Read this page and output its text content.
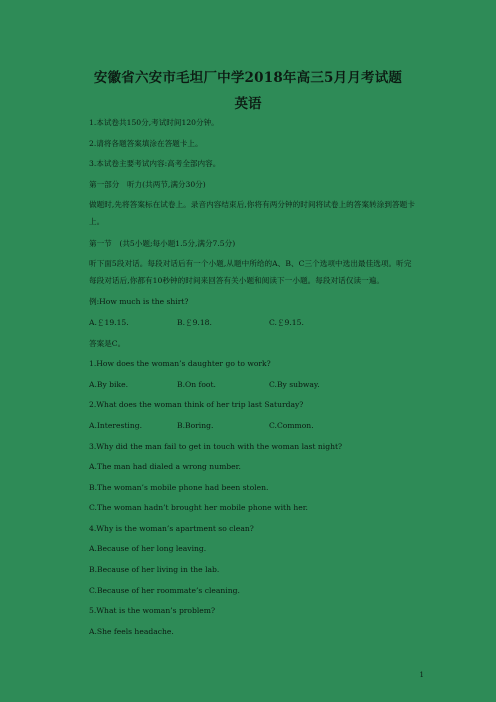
安徽省六安市毛坦厂中学2018年高三5月月考试题
英语
1.本试卷共150分,考试时间120分钟。
2.请将各题答案填涂在答题卡上。
3.本试卷主要考试内容:高考全部内容。
第一部分　听力(共两节,满分30分)
做题时,先将答案标在试卷上。录音内容结束后,你将有两分钟的时间将试卷上的答案转涂到答题卡上。
第一节　(共5小题;每小题1.5分,满分7.5分)
听下面5段对话。每段对话后有一个小题,从题中所给的A、B、C三个选项中选出最佳选项。听完每段对话后,你都有10秒钟的时间来回答有关小题和阅读下一小题。每段对话仅读一遍。
例:How much is the shirt?
A.￡19.15.	B.￡9.18.	C.￡9.15.
答案是C。
1.How does the woman’s daughter go to work?
A.By bike.	B.On foot.	C.By subway.
2.What does the woman think of her trip last Saturday?
A.Interesting.	B.Boring.	C.Common.
3.Why did the man fail to get in touch with the woman last night?
A.The man had dialed a wrong number.
B.The woman’s mobile phone had been stolen.
C.The woman hadn’t brought her mobile phone with her.
4.Why is the woman’s apartment so clean?
A.Because of her long leaving.
B.Because of her living in the lab.
C.Because of her roommate’s cleaning.
5.What is the woman’s problem?
A.She feels headache.
1
